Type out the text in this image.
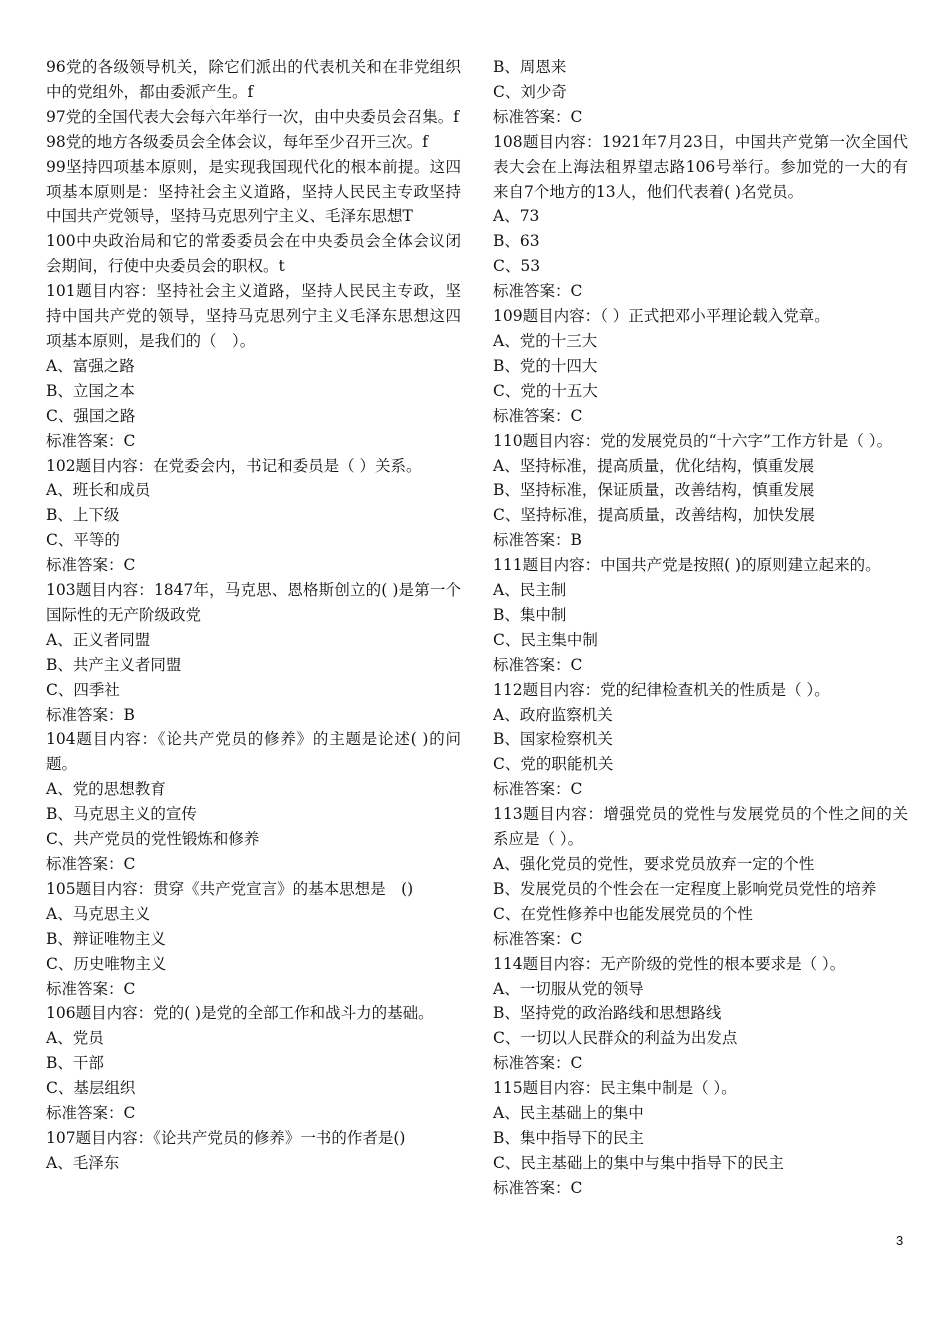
96党的各级领导机关，除它们派出的代表机关和在非党组织中的党组外，都由委派产生。f
97党的全国代表大会每六年举行一次，由中央委员会召集。f
98党的地方各级委员会全体会议，每年至少召开三次。f
99坚持四项基本原则，是实现我国现代化的根本前提。这四项基本原则是：坚持社会主义道路，坚持人民民主专政坚持中国共产党领导，坚持马克思列宁主义、毛泽东思想T
100中央政治局和它的常委委员会在中央委员会全体会议闭会期间，行使中央委员会的职权。t
101题目内容：坚持社会主义道路，坚持人民民主专政，坚持中国共产党的领导，坚持马克思列宁主义毛泽东思想这四项基本原则，是我们的（　）。
A、富强之路
B、立国之本
C、强国之路
标准答案：C
102题目内容：在党委会内，书记和委员是（ ）关系。
A、班长和成员
B、上下级
C、平等的
标准答案：C
103题目内容：1847年，马克思、恩格斯创立的( )是第一个国际性的无产阶级政党
A、正义者同盟
B、共产主义者同盟
C、四季社
标准答案：B
104题目内容：《论共产党员的修养》的主题是论述( )的问题。
A、党的思想教育
B、马克思主义的宣传
C、共产党员的党性锻炼和修养
标准答案：C
105题目内容：贯穿《共产党宣言》的基本思想是　()
A、马克思主义
B、辩证唯物主义
C、历史唯物主义
标准答案：C
106题目内容：党的( )是党的全部工作和战斗力的基础。
A、党员
B、干部
C、基层组织
标准答案：C
107题目内容：《论共产党员的修养》一书的作者是()
A、毛泽东
B、周恩来
C、刘少奇
标准答案：C
108题目内容：1921年7月23日，中国共产党第一次全国代表大会在上海法租界望志路106号举行。参加党的一大的有来自7个地方的13人，他们代表着( )名党员。
A、73
B、63
C、53
标准答案：C
109题目内容：（ ）正式把邓小平理论载入党章。
A、党的十三大
B、党的十四大
C、党的十五大
标准答案：C
110题目内容：党的发展党员的“十六字”工作方针是（ ）。
A、坚持标准，提高质量，优化结构，慎重发展
B、坚持标准，保证质量，改善结构，慎重发展
C、坚持标准，提高质量，改善结构，加快发展
标准答案：B
111题目内容：中国共产党是按照( )的原则建立起来的。
A、民主制
B、集中制
C、民主集中制
标准答案：C
112题目内容：党的纪律检查机关的性质是（ ）。
A、政府监察机关
B、国家检察机关
C、党的职能机关
标准答案：C
113题目内容：增强党员的党性与发展党员的个性之间的关系应是（ ）。
A、强化党员的党性，要求党员放弃一定的个性
B、发展党员的个性会在一定程度上影响党员党性的培养
C、在党性修养中也能发展党员的个性
标准答案：C
114题目内容：无产阶级的党性的根本要求是（ ）。
A、一切服从党的领导
B、坚持党的政治路线和思想路线
C、一切以人民群众的利益为出发点
标准答案：C
115题目内容：民主集中制是（ ）。
A、民主基础上的集中
B、集中指导下的民主
C、民主基础上的集中与集中指导下的民主
标准答案：C
3
